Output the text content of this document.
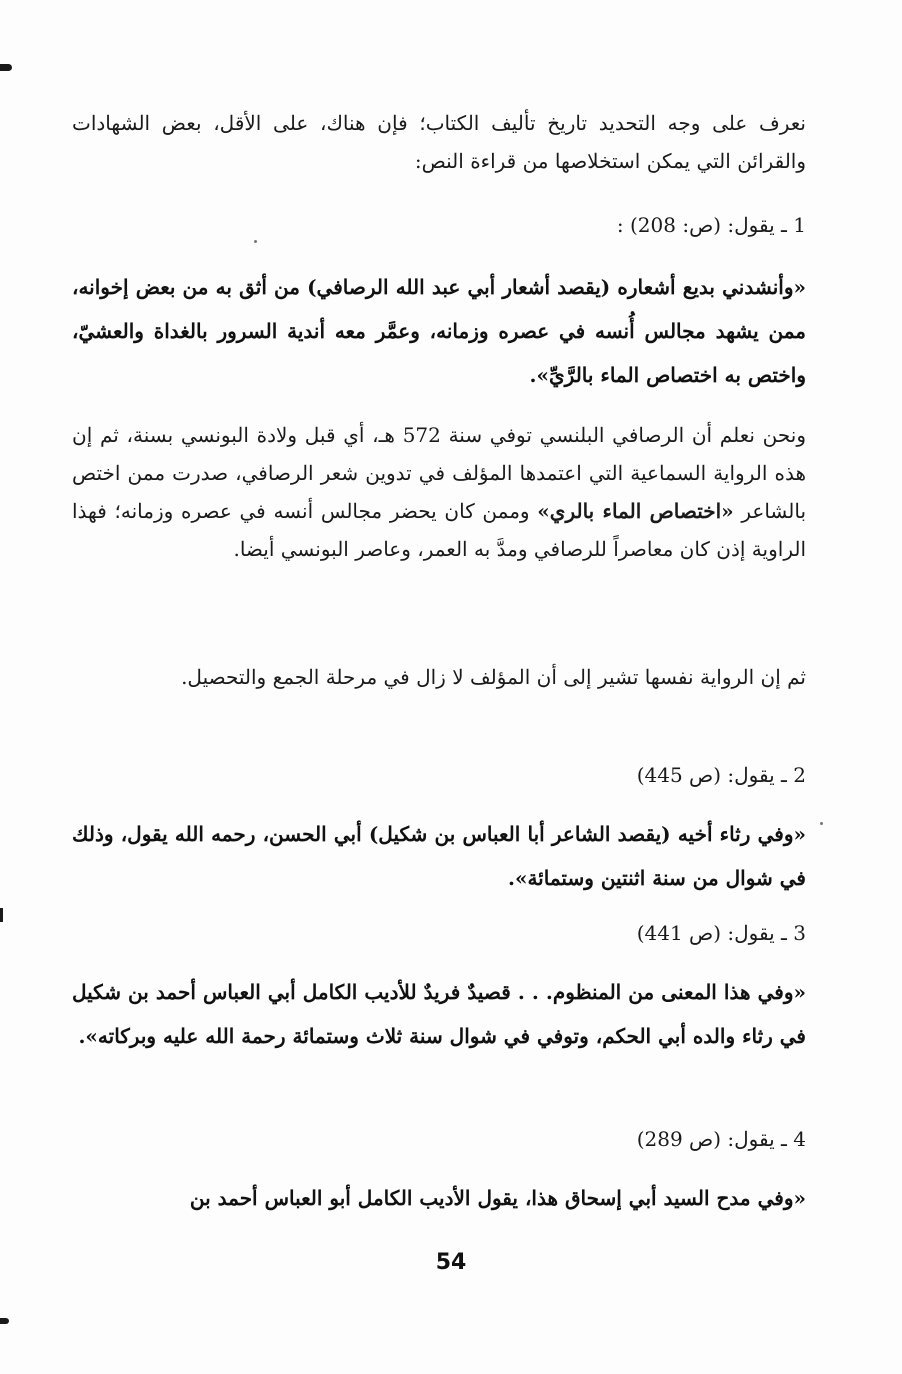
نعرف على وجه التحديد تاريخ تأليف الكتاب؛ فإن هناك، على الأقل، بعض الشهادات والقرائن التي يمكن استخلاصها من قراءة النص:

1 ـ يقول: (ص: 208) :

«وأنشدني بديع أشعاره (يقصد أشعار أبي عبد الله الرصافي) من أثق به من بعض إخوانه، ممن يشهد مجالس أُنسه في عصره وزمانه، وعمَّر معه أندية السرور بالغداة والعشيّ، واختص به اختصاص الماء بالرَّيِّ».

ونحن نعلم أن الرصافي البلنسي توفي سنة 572 هـ، أي قبل ولادة البونسي بسنة، ثم إن هذه الرواية السماعية التي اعتمدها المؤلف في تدوين شعر الرصافي، صدرت ممن اختص بالشاعر «اختصاص الماء بالري» وممن كان يحضر مجالس أنسه في عصره وزمانه؛ فهذا الراوية إذن كان معاصراً للرصافي ومدَّ به العمر، وعاصر البونسي أيضا.

ثم إن الرواية نفسها تشير إلى أن المؤلف لا زال في مرحلة الجمع والتحصيل.

2 ـ يقول: (ص 445)

«وفي رثاء أخيه (يقصد الشاعر أبا العباس بن شكيل) أبي الحسن، رحمه الله يقول، وذلك في شوال من سنة اثنتين وستمائة».

3 ـ يقول: (ص 441)

«وفي هذا المعنى من المنظوم. . . قصيدٌ فريدٌ للأديب الكامل أبي العباس أحمد بن شكيل في رثاء والده أبي الحكم، وتوفي في شوال سنة ثلاث وستمائة رحمة الله عليه وبركاته».

4 ـ يقول: (ص 289)

«وفي مدح السيد أبي إسحاق هذا، يقول الأديب الكامل أبو العباس أحمد بن

54
